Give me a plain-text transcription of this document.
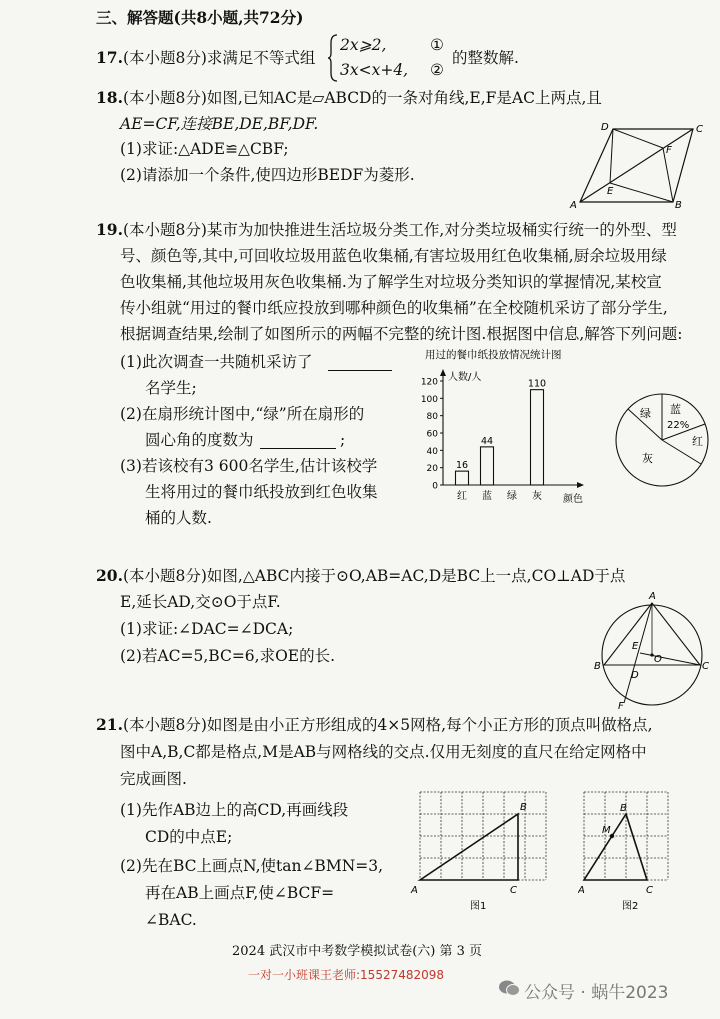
三、解答题(共8小题,共72分)
17.(本小题8分)求满足不等式组
2x⩾2,
3x<x+4,
①
②
的整数解.
18.(本小题8分)如图,已知AC是▱ABCD的一条对角线,E,F是AC上两点,且
AE=CF,连接BE,DE,BF,DF.
(1)求证:△ADE≌△CBF;
(2)请添加一个条件,使四边形BEDF为菱形.
D	C
F
E
A	B
19.(本小题8分)某市为加快推进生活垃圾分类工作,对分类垃圾桶实行统一的外型、型
号、颜色等,其中,可回收垃圾用蓝色收集桶,有害垃圾用红色收集桶,厨余垃圾用绿
色收集桶,其他垃圾用灰色收集桶.为了解学生对垃圾分类知识的掌握情况,某校宣
传小组就“用过的餐巾纸应投放到哪种颜色的收集桶”在全校随机采访了部分学生,
根据调查结果,绘制了如图所示的两幅不完整的统计图.根据图中信息,解答下列问题:
(1)此次调查一共随机采访了
名学生;
(2)在扇形统计图中,“绿”所在扇形的
圆心角的度数为	;
(3)若该校有3 600名学生,估计该校学
生将用过的餐巾纸投放到红色收集
桶的人数.
用过的餐巾纸投放情况统计图
人数/人
颜色
0
20
40
60
80
100
120
16
红
44
蓝 绿
110
灰
绿 蓝
22%
红
灰
20.(本小题8分)如图,△ABC内接于⊙O,AB=AC,D是BC上一点,CO⊥AD于点
E,延长AD,交⊙O于点F.
(1)求证:∠DAC=∠DCA;
(2)若AC=5,BC=6,求OE的长.
A
B	C
D
E
O
F
21.(本小题8分)如图是由小正方形组成的4×5网格,每个小正方形的顶点叫做格点,
图中A,B,C都是格点,M是AB与网格线的交点.仅用无刻度的直尺在给定网格中
完成画图.
(1)先作AB边上的高CD,再画线段
CD的中点E;
(2)先在BC上画点N,使tan∠BMN=3,
再在AB上画点F,使∠BCF=
∠BAC.
B
A	C
图1
B
M
A	C
图2
2024 武汉市中考数学模拟试卷(六) 第 3 页
一对一小班课王老师:15527482098
公众号 · 蜗牛2023
